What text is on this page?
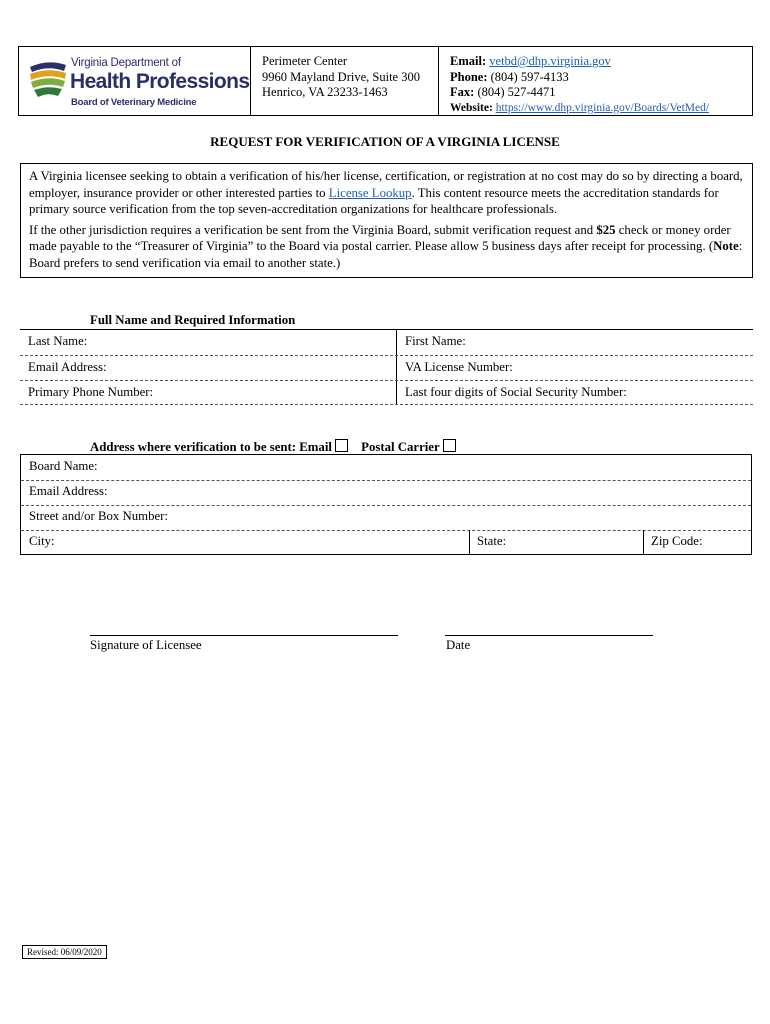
Virginia Department of
Health Professions
Board of Veterinary Medicine
Perimeter Center
9960 Mayland Drive, Suite 300
Henrico, VA 23233-1463
Email: vetbd@dhp.virginia.gov
Phone: (804) 597-4133
Fax: (804) 527-4471
Website: https://www.dhp.virginia.gov/Boards/VetMed/
REQUEST FOR VERIFICATION OF A VIRGINIA LICENSE

A Virginia licensee seeking to obtain a verification of his/her license, certification, or registration at no cost may do so by directing a board, employer, insurance provider or other interested parties to License Lookup. This content resource meets the accreditation standards for primary source verification from the top seven-accreditation organizations for healthcare professionals.

If the other jurisdiction requires a verification be sent from the Virginia Board, submit verification request and $25 check or money order made payable to the “Treasurer of Virginia” to the Board via postal carrier. Please allow 5 business days after receipt for processing. (Note: Board prefers to send verification via email to another state.)

Full Name and Required Information
Last Name:	First Name:
Email Address:	VA License Number:
Primary Phone Number:	Last four digits of Social Security Number:
Address where verification to be sent: Email Postal Carrier
Board Name:
Email Address:
Street and/or Box Number:
City:	State:	Zip Code:
Signature of Licensee	Date
Revised: 06/09/2020
